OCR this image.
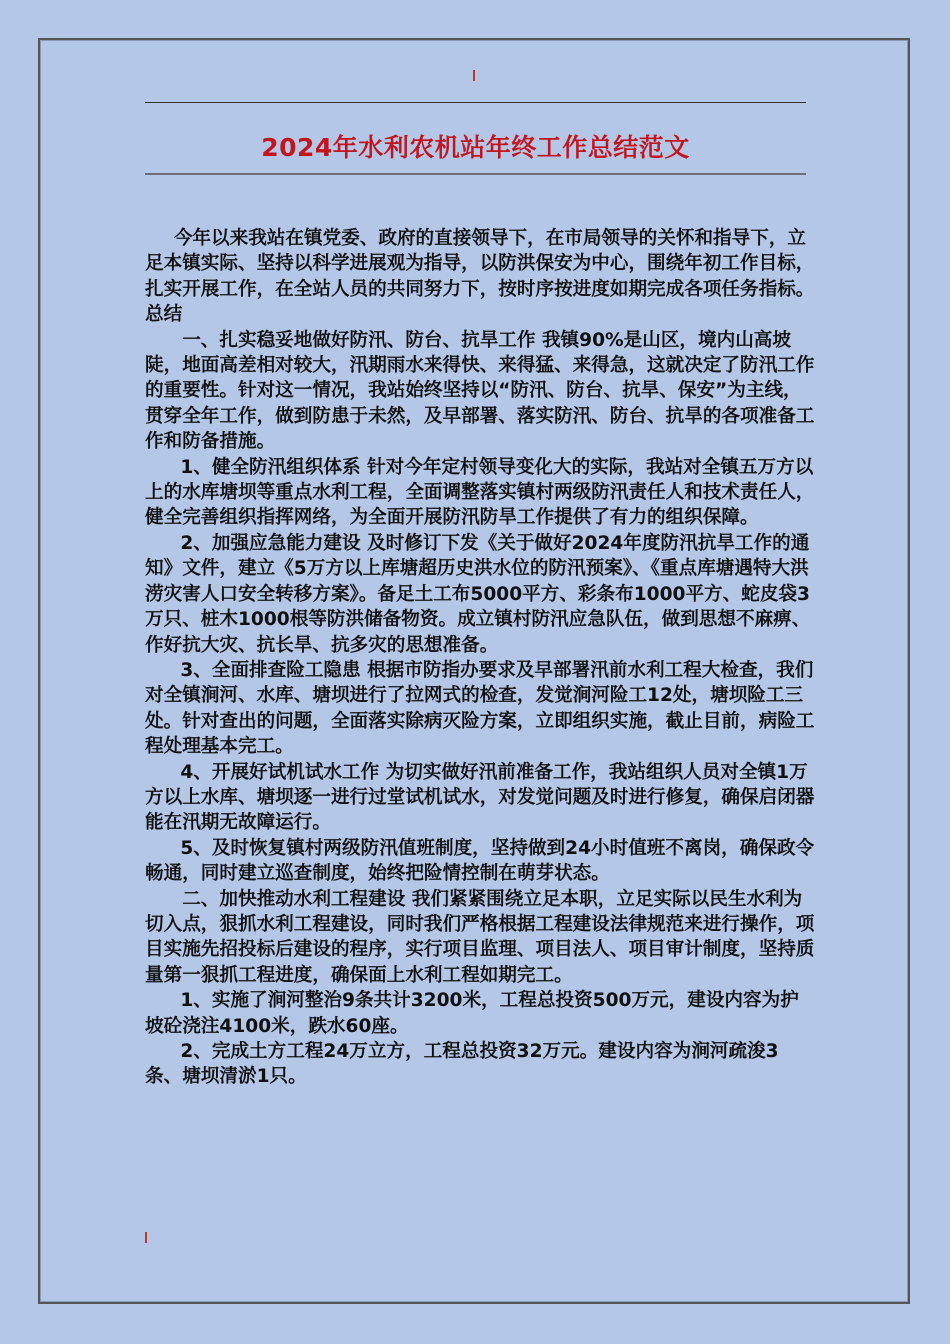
2024年水利农机站年终工作总结范文

今年以来我站在镇党委、政府的直接领导下，在市局领导的关怀和指导下，立足本镇实际、坚持以科学进展观为指导，以防洪保安为中心，围绕年初工作目标，扎实开展工作，在全站人员的共同努力下，按时序按进度如期完成各项任务指标。总结

一、扎实稳妥地做好防汛、防台、抗旱工作 我镇90%是山区，境内山高坡陡，地面高差相对较大，汛期雨水来得快、来得猛、来得急，这就决定了防汛工作的重要性。针对这一情况，我站始终坚持以“防汛、防台、抗旱、保安”为主线，贯穿全年工作，做到防患于未然，及早部署、落实防汛、防台、抗旱的各项准备工作和防备措施。

1、健全防汛组织体系 针对今年定村领导变化大的实际，我站对全镇五万方以上的水库塘坝等重点水利工程，全面调整落实镇村两级防汛责任人和技术责任人，健全完善组织指挥网络，为全面开展防汛防旱工作提供了有力的组织保障。

2、加强应急能力建设 及时修订下发《关于做好2024年度防汛抗旱工作的通知》文件，建立《5万方以上库塘超历史洪水位的防汛预案》、《重点库塘遇特大洪涝灾害人口安全转移方案》。备足土工布5000平方、彩条布1000平方、蛇皮袋3万只、桩木1000根等防洪储备物资。成立镇村防汛应急队伍，做到思想不麻痹、作好抗大灾、抗长旱、抗多灾的思想准备。

3、全面排查险工隐患 根据市防指办要求及早部署汛前水利工程大检查，我们对全镇涧河、水库、塘坝进行了拉网式的检查，发觉涧河险工12处，塘坝险工三处。针对查出的问题，全面落实除病灭险方案，立即组织实施，截止目前，病险工程处理基本完工。

4、开展好试机试水工作 为切实做好汛前准备工作，我站组织人员对全镇1万方以上水库、塘坝逐一进行过堂试机试水，对发觉问题及时进行修复，确保启闭器能在汛期无故障运行。

5、及时恢复镇村两级防汛值班制度，坚持做到24小时值班不离岗，确保政令畅通，同时建立巡查制度，始终把险情控制在萌芽状态。

二、加快推动水利工程建设 我们紧紧围绕立足本职，立足实际以民生水利为切入点，狠抓水利工程建设，同时我们严格根据工程建设法律规范来进行操作，项目实施先招投标后建设的程序，实行项目监理、项目法人、项目审计制度，坚持质量第一狠抓工程进度，确保面上水利工程如期完工。

1、实施了涧河整治9条共计3200米，工程总投资500万元，建设内容为护坡砼浇注4100米，跌水60座。

2、完成土方工程24万立方，工程总投资32万元。建设内容为涧河疏浚3条、塘坝清淤1只。
